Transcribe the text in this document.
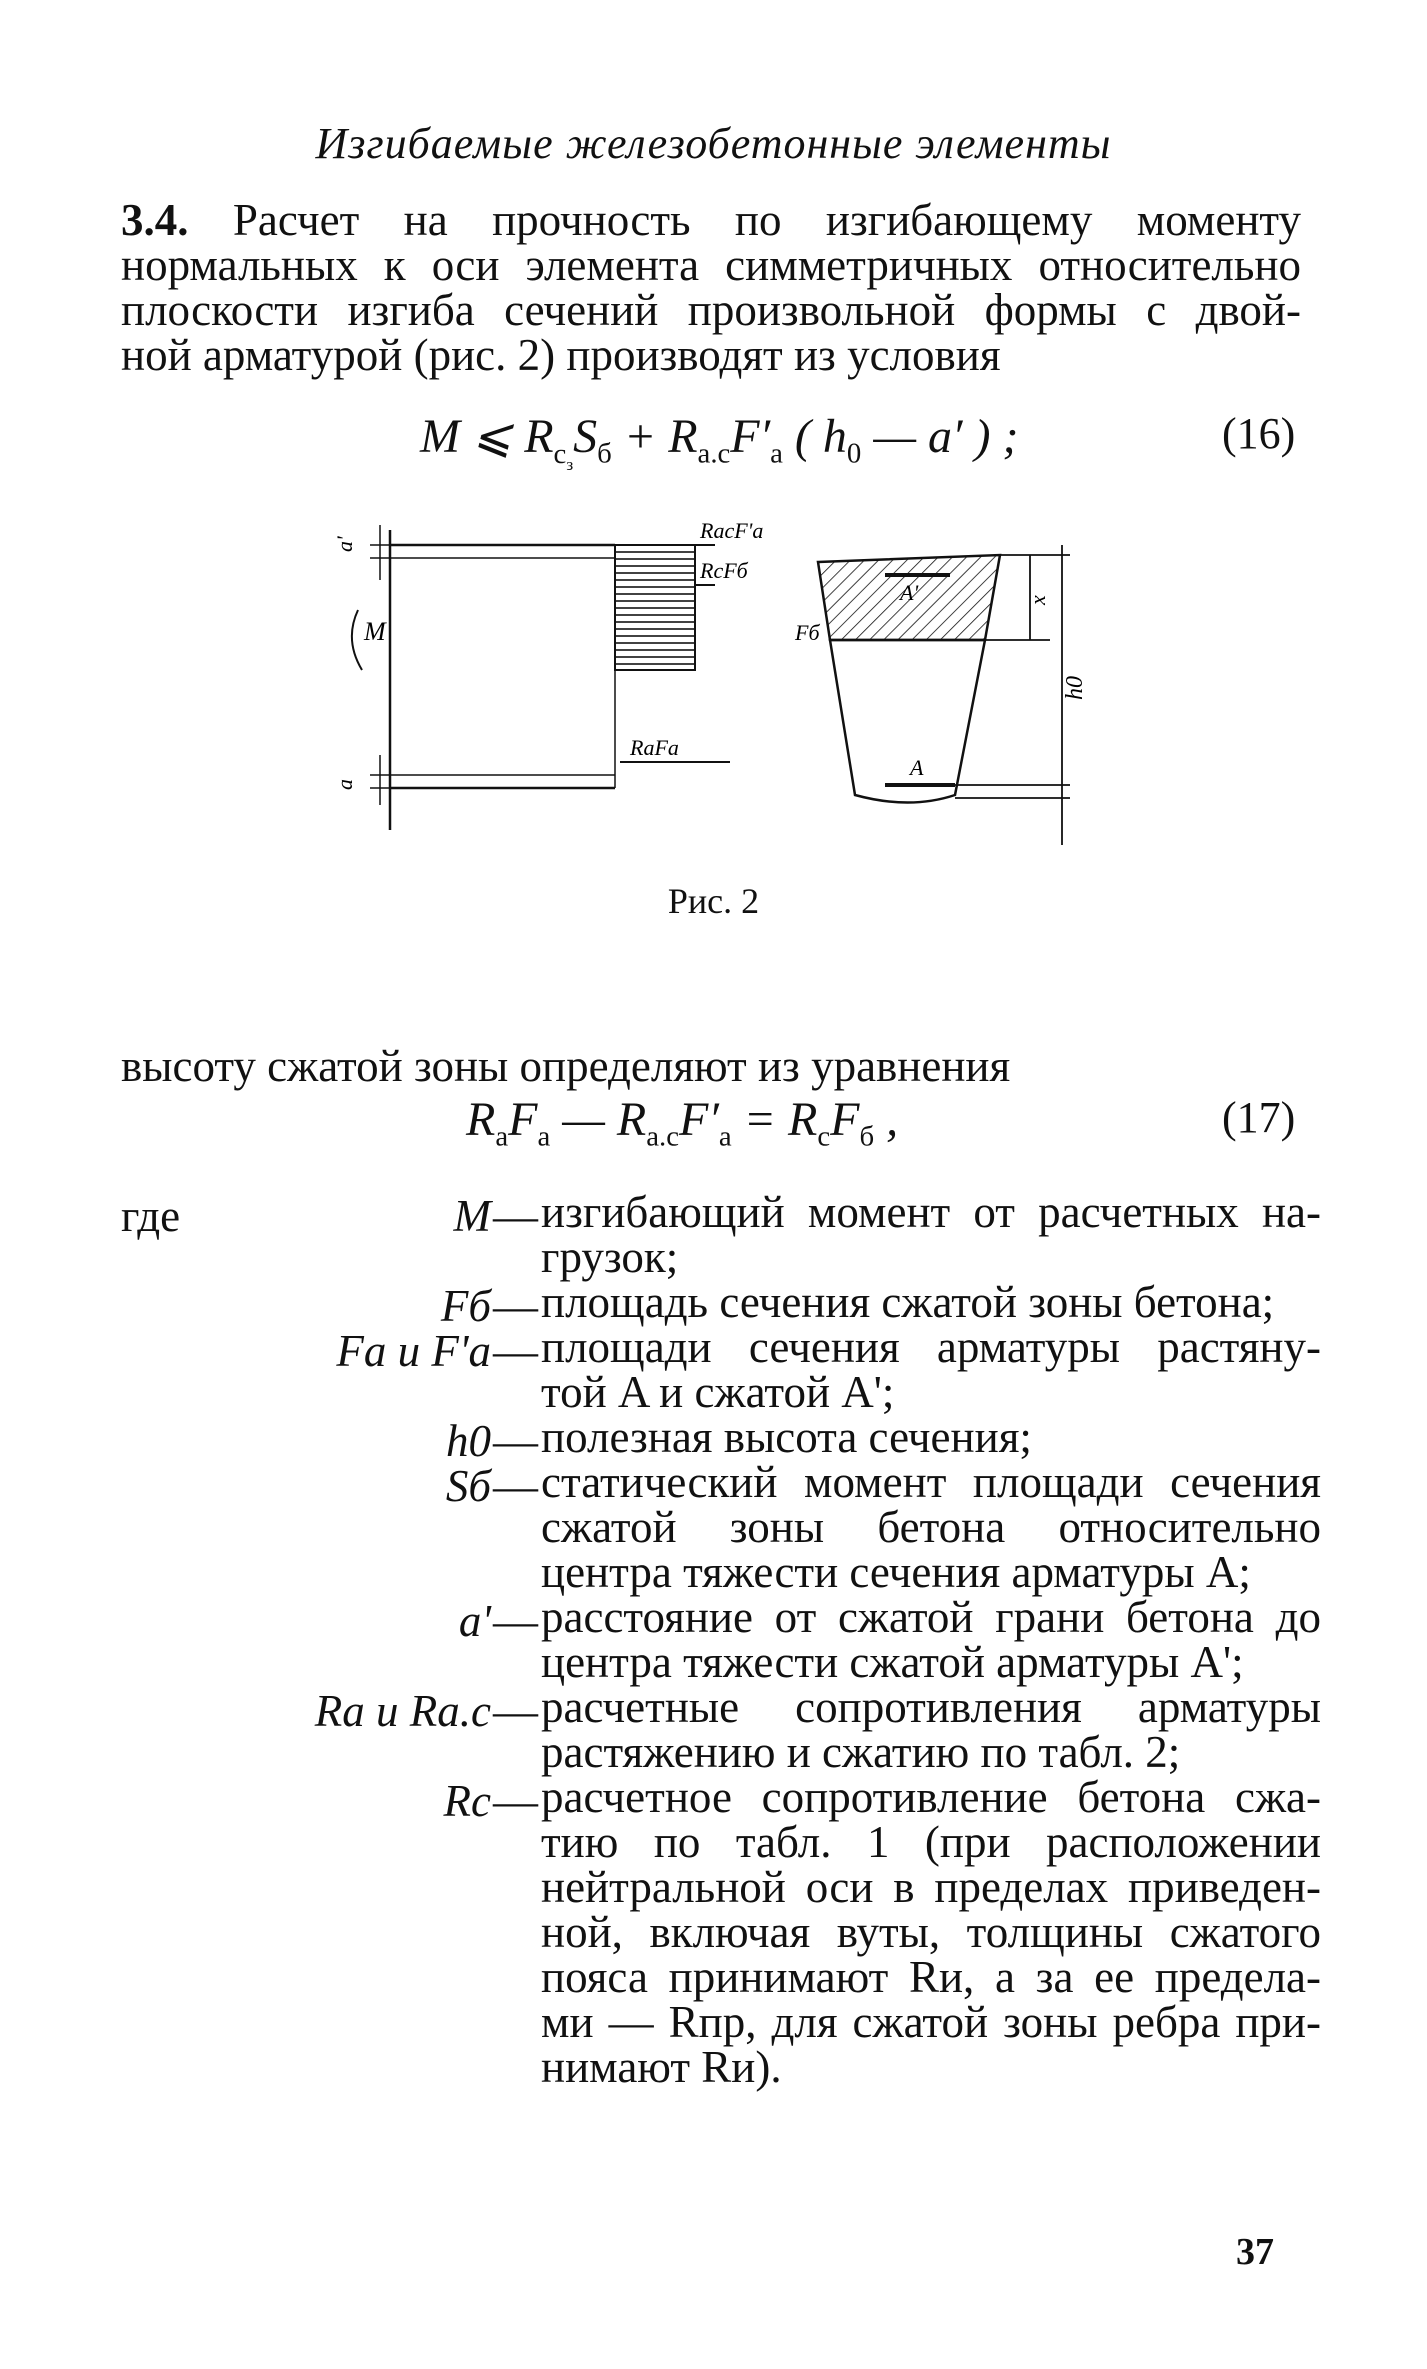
Изгибаемые железобетонные элементы
3.4. Расчет на прочность по изгибающему моменту
нормальных к оси элемента симметричных относительно
плоскости изгиба сечений произвольной формы с двой-
ной арматурой (рис. 2) производят из условия
M ⩽ $R_{с_з}S_б + R_{а.с}F'_а$ ( $h_0$ — a′ ) ;	(16)
a'
a
M
RacF'a
RcFб
RaFa
A'
A
Fб
x
h0
Рис. 2
высоту сжатой зоны определяют из уравнения
$R_аF_а$ — $R_{а.с}F'_а = R_сF_б$ ,	(17)
где	M — изгибающий момент от расчетных на-
грузок;
Fб — площадь сечения сжатой зоны бетона;
Fa и F'a — площади сечения арматуры растяну-
той A и сжатой A';
h0 — полезная высота сечения;
Sб — статический момент площади сечения
сжатой зоны бетона относительно
центра тяжести сечения арматуры A;
a' — расстояние от сжатой грани бетона до
центра тяжести сжатой арматуры A';
Ra и Ra.c — расчетные сопротивления арматуры
растяжению и сжатию по табл. 2;
Rc — расчетное сопротивление бетона сжа-
тию по табл. 1 (при расположении
нейтральной оси в пределах приведен-
ной, включая вуты, толщины сжатого
пояса принимают Rи, а за ее предела-
ми — Rпр, для сжатой зоны ребра при-
нимают Rи).
37
